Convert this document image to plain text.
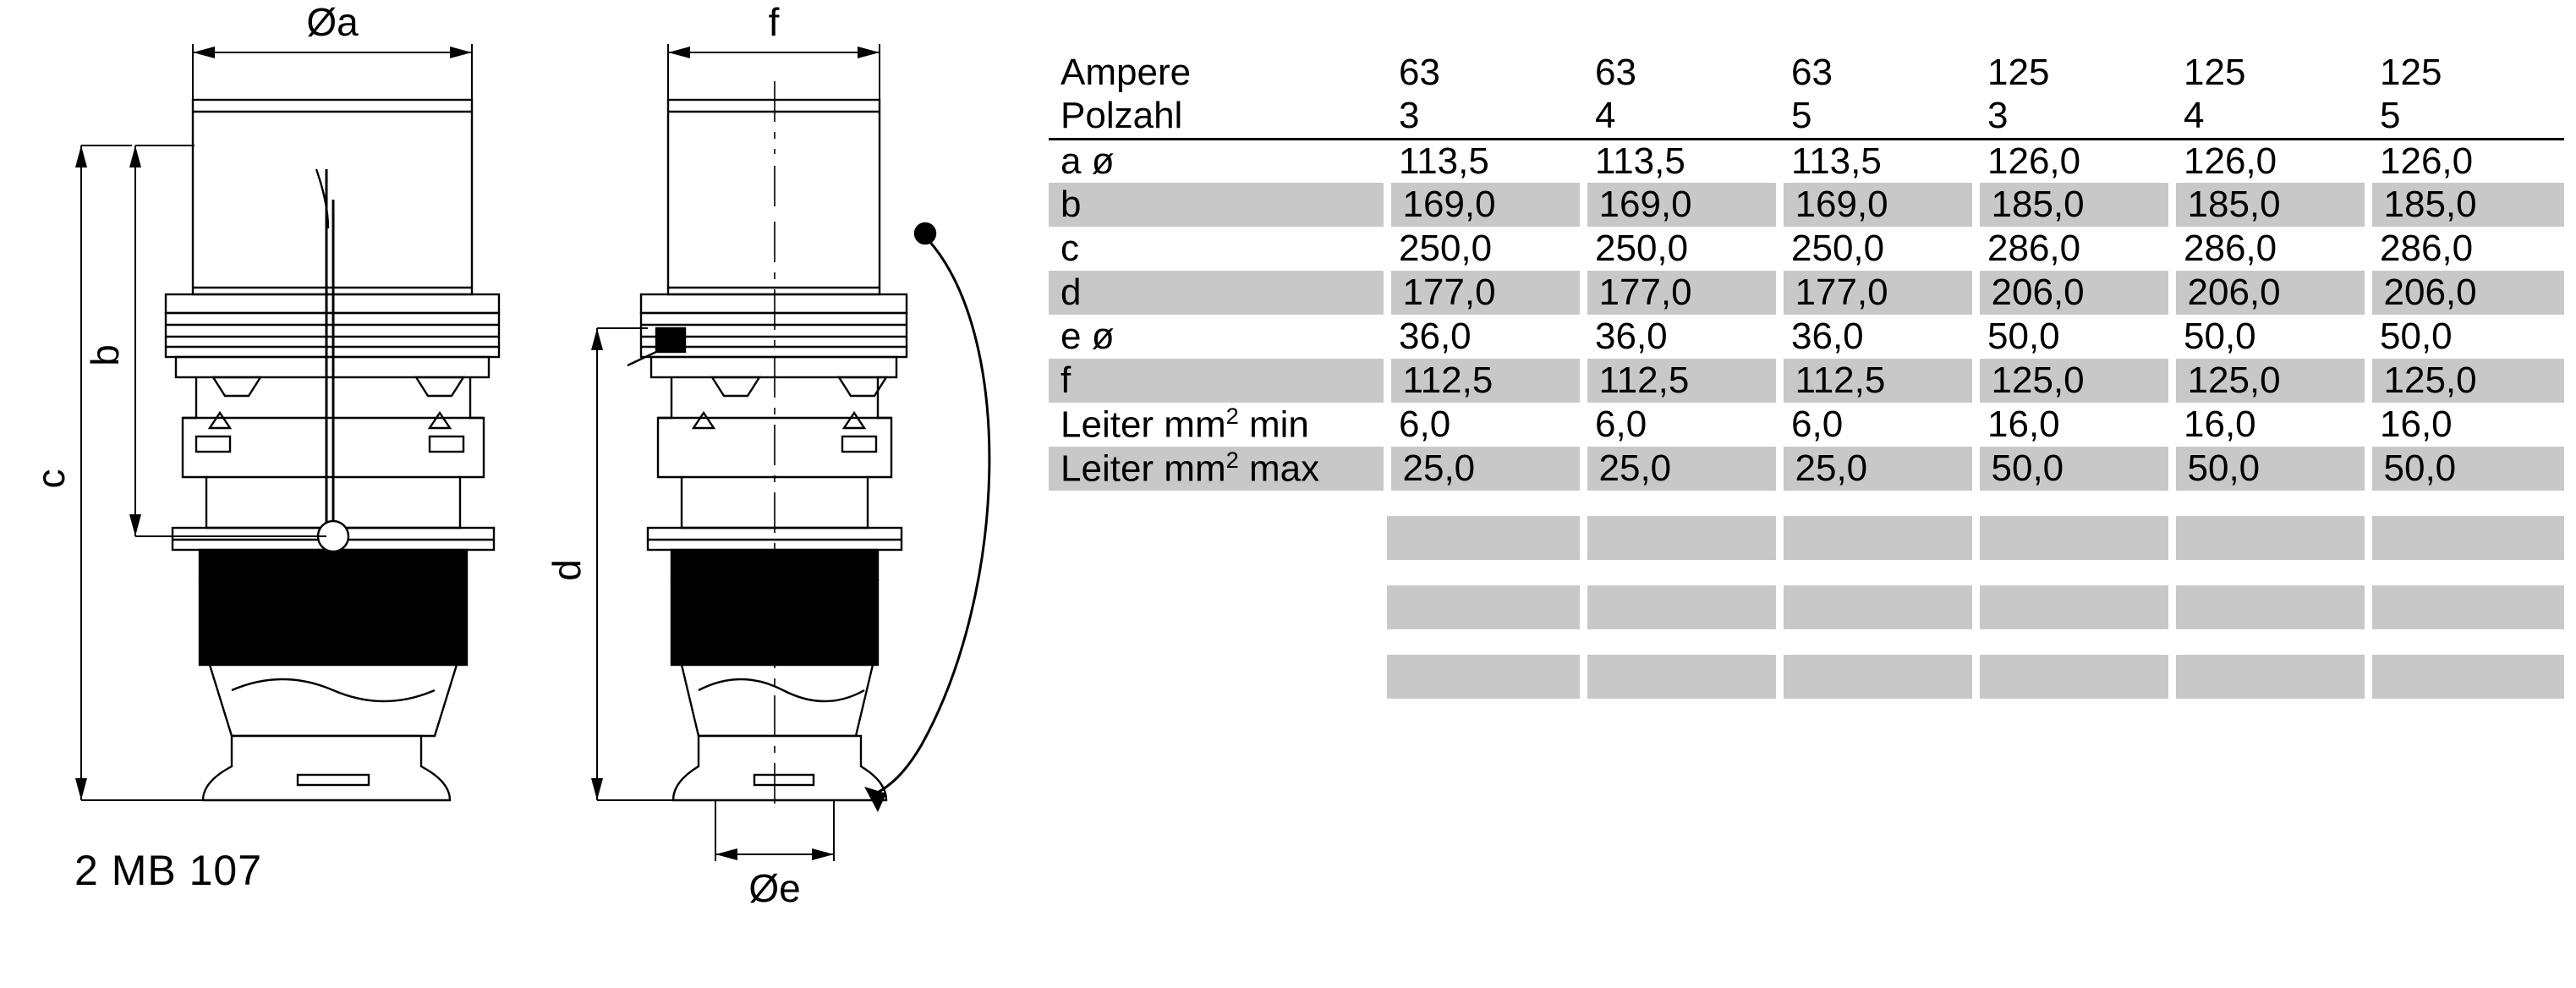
Øa
b
c
f
d
Øe
2 MB 107
Ampere	63	63	63	125	125	125
Polzahl	3	4	5	3	4	5
a ø	113,5	113,5	113,5	126,0	126,0	126,0
b	169,0	169,0	169,0	185,0	185,0	185,0
c	250,0	250,0	250,0	286,0	286,0	286,0
d	177,0	177,0	177,0	206,0	206,0	206,0
e ø	36,0	36,0	36,0	50,0	50,0	50,0
f	112,5	112,5	112,5	125,0	125,0	125,0
Leiter $mm^2$ min	6,0	6,0	6,0	16,0	16,0	16,0
Leiter $mm^2$ max	25,0	25,0	25,0	50,0	50,0	50,0
